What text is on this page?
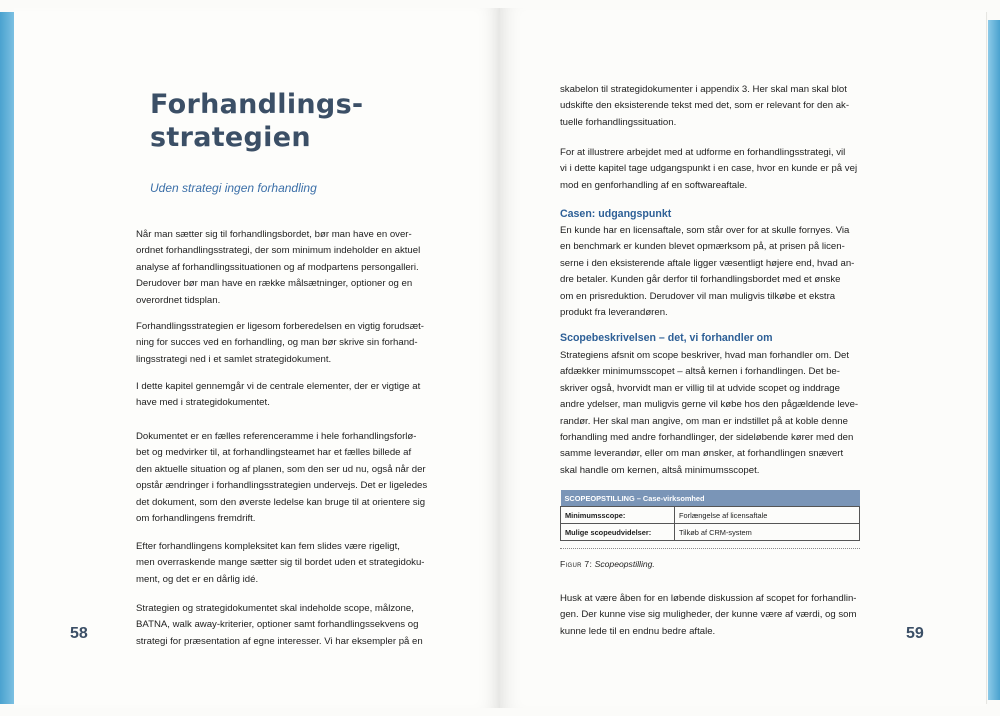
Forhandlings-
strategien
Uden strategi ingen forhandling

Når man sætter sig til forhandlingsbordet, bør man have en over-
ordnet forhandlingsstrategi, der som minimum indeholder en aktuel
analyse af forhandlingssituationen og af modpartens persongalleri.
Derudover bør man have en række målsætninger, optioner og en
overordnet tidsplan.

Forhandlingsstrategien er ligesom forberedelsen en vigtig forudsæt-
ning for succes ved en forhandling, og man bør skrive sin forhand-
lingsstrategi ned i et samlet strategidokument.

I dette kapitel gennemgår vi de centrale elementer, der er vigtige at
have med i strategidokumentet.

Dokumentet er en fælles referenceramme i hele forhandlingsforlø-
bet og medvirker til, at forhandlingsteamet har et fælles billede af
den aktuelle situation og af planen, som den ser ud nu, også når der
opstår ændringer i forhandlingsstrategien undervejs. Det er ligeledes
det dokument, som den øverste ledelse kan bruge til at orientere sig
om forhandlingens fremdrift.

Efter forhandlingens kompleksitet kan fem slides være rigeligt,
men overraskende mange sætter sig til bordet uden et strategidoku-
ment, og det er en dårlig idé.

Strategien og strategidokumentet skal indeholde scope, målzone,
BATNA, walk away-kriterier, optioner samt forhandlingssekvens og
strategi for præsentation af egne interesser. Vi har eksempler på en

58

skabelon til strategidokumenter i appendix 3. Her skal man skal blot
udskifte den eksisterende tekst med det, som er relevant for den ak-
tuelle forhandlingssituation.

For at illustrere arbejdet med at udforme en forhandlingsstrategi, vil
vi i dette kapitel tage udgangspunkt i en case, hvor en kunde er på vej
mod en genforhandling af en softwareaftale.

Casen: udgangspunkt

En kunde har en licensaftale, som står over for at skulle fornyes. Via
en benchmark er kunden blevet opmærksom på, at prisen på licen-
serne i den eksisterende aftale ligger væsentligt højere end, hvad an-
dre betaler. Kunden går derfor til forhandlingsbordet med et ønske
om en prisreduktion. Derudover vil man muligvis tilkøbe et ekstra
produkt fra leverandøren.

Scopebeskrivelsen – det, vi forhandler om

Strategiens afsnit om scope beskriver, hvad man forhandler om. Det
afdækker minimumsscopet – altså kernen i forhandlingen. Det be-
skriver også, hvorvidt man er villig til at udvide scopet og inddrage
andre ydelser, man muligvis gerne vil købe hos den pågældende leve-
randør. Her skal man angive, om man er indstillet på at koble denne
forhandling med andre forhandlinger, der sideløbende kører med den
samme leverandør, eller om man ønsker, at forhandlingen snævert
skal handle om kernen, altså minimumsscopet.

SCOPEOPSTILLING – Case-virksomhed	
Minimumsscope:	Forlængelse af licensaftale
Mulige scopeudvidelser:	Tilkøb af CRM-system
Figur 7: Scopeopstilling.

Husk at være åben for en løbende diskussion af scopet for forhandlin-
gen. Der kunne vise sig muligheder, der kunne være af værdi, og som
kunne lede til en endnu bedre aftale.	59
